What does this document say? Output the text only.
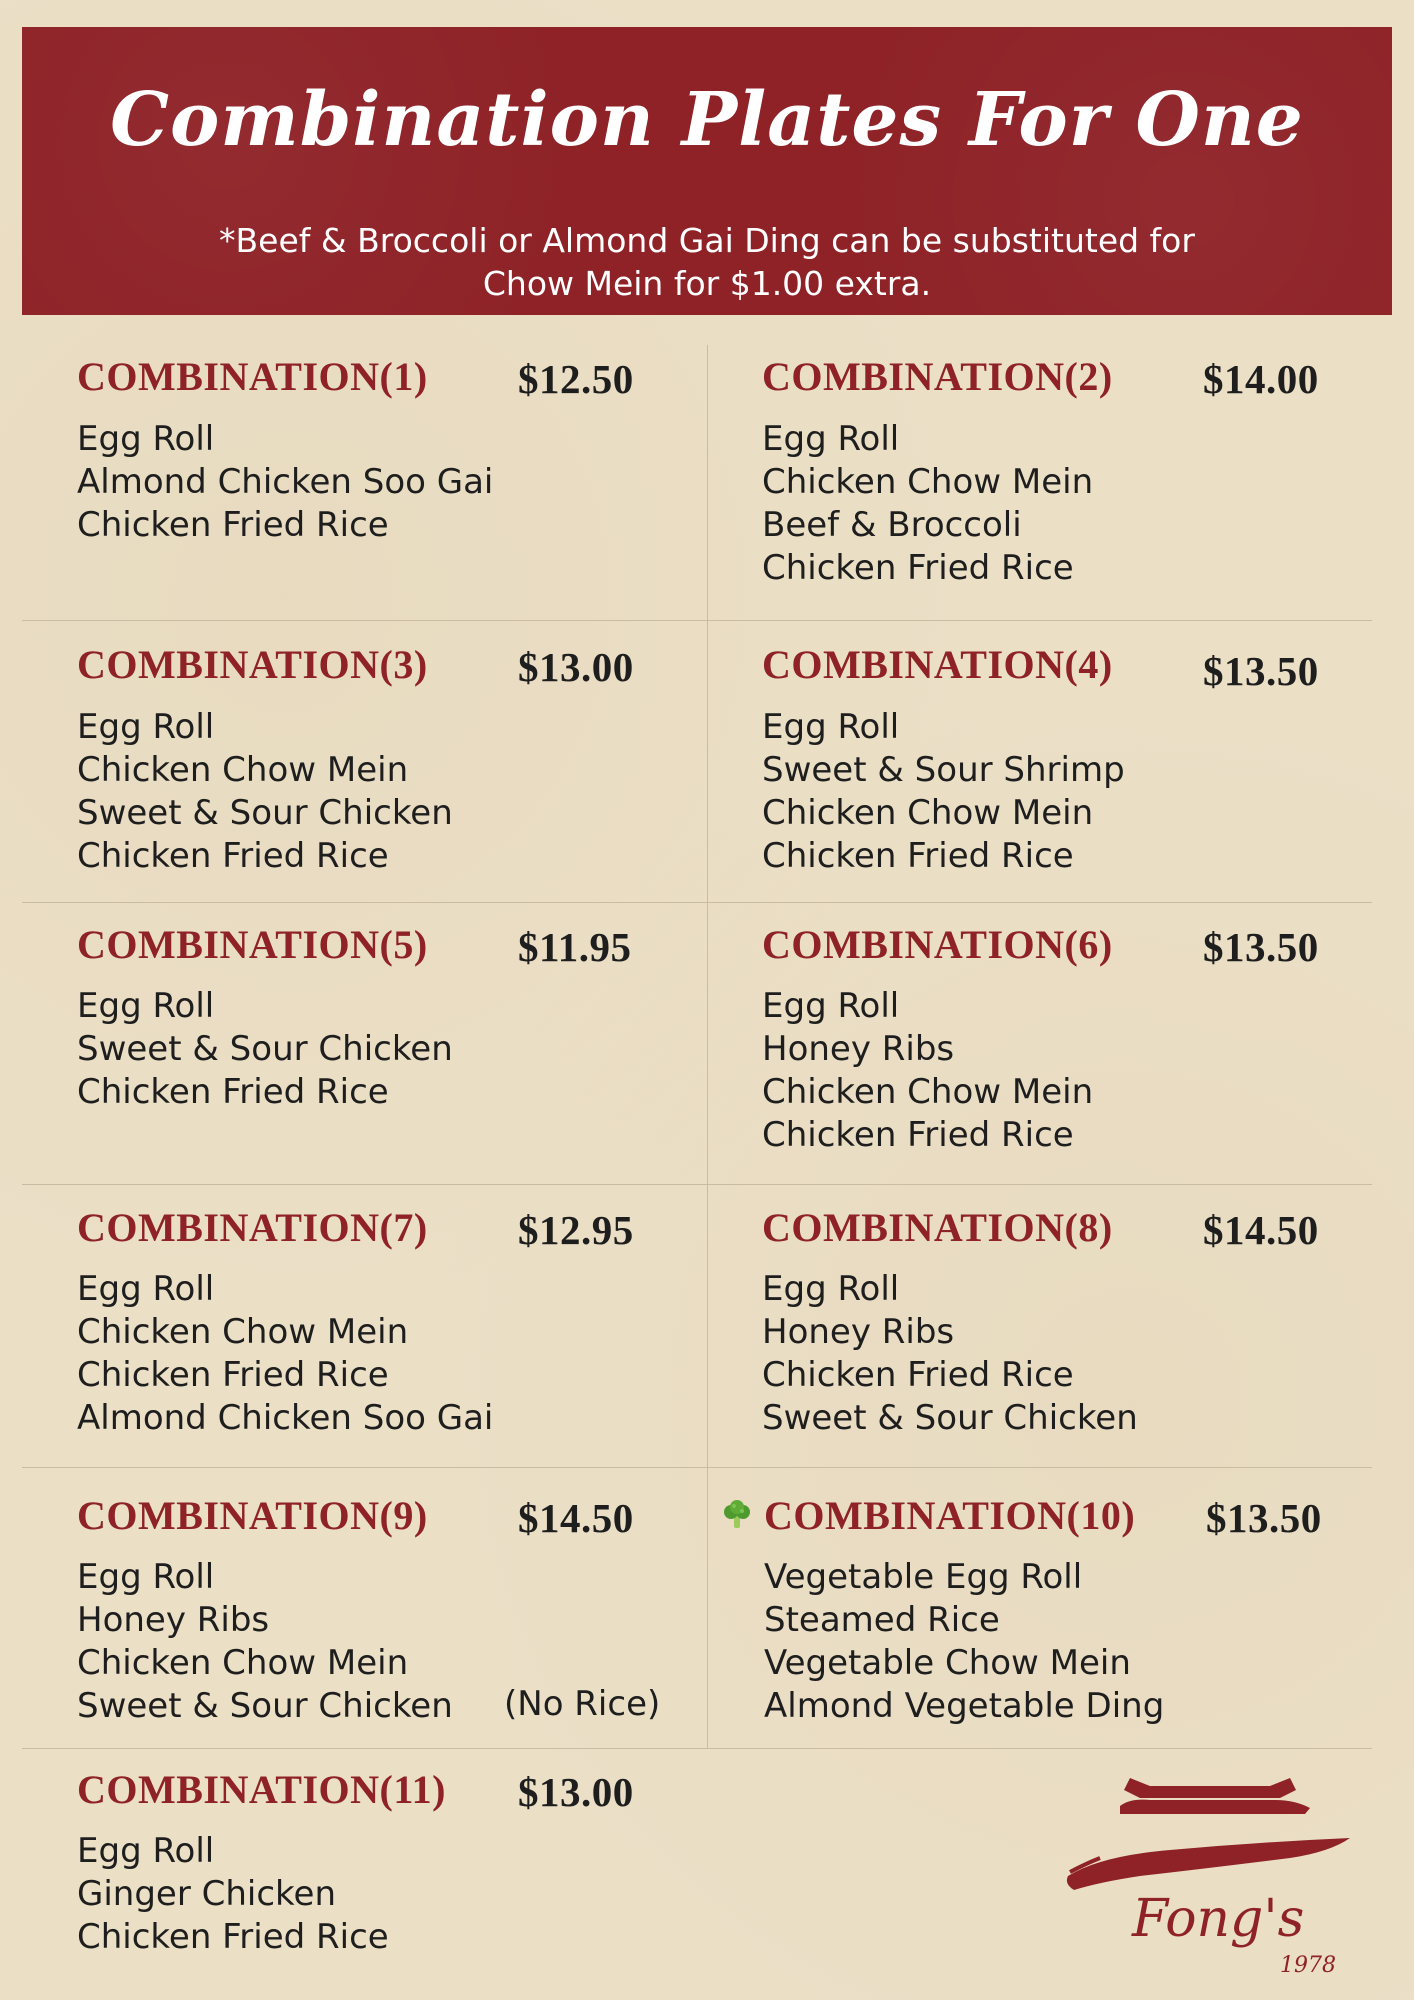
Combination Plates For One
*Beef & Broccoli or Almond Gai Ding can be substituted for
Chow Mein for $1.00 extra.
COMBINATION(1) $12.50
Egg Roll
Almond Chicken Soo Gai
Chicken Fried Rice
COMBINATION(2) $14.00
Egg Roll
Chicken Chow Mein
Beef & Broccoli
Chicken Fried Rice
COMBINATION(3) $13.00
Egg Roll
Chicken Chow Mein
Sweet & Sour Chicken
Chicken Fried Rice
COMBINATION(4) $13.50
Egg Roll
Sweet & Sour Shrimp
Chicken Chow Mein
Chicken Fried Rice
COMBINATION(5) $11.95
Egg Roll
Sweet & Sour Chicken
Chicken Fried Rice
COMBINATION(6) $13.50
Egg Roll
Honey Ribs
Chicken Chow Mein
Chicken Fried Rice
COMBINATION(7) $12.95
Egg Roll
Chicken Chow Mein
Chicken Fried Rice
Almond Chicken Soo Gai
COMBINATION(8) $14.50
Egg Roll
Honey Ribs
Chicken Fried Rice
Sweet & Sour Chicken
COMBINATION(9) $14.50
Egg Roll
Honey Ribs
Chicken Chow Mein
Sweet & Sour Chicken (No Rice)
COMBINATION(10) $13.50
Vegetable Egg Roll
Steamed Rice
Vegetable Chow Mein
Almond Vegetable Ding
COMBINATION(11) $13.00
Egg Roll
Ginger Chicken
Chicken Fried Rice	Fong's
1978
